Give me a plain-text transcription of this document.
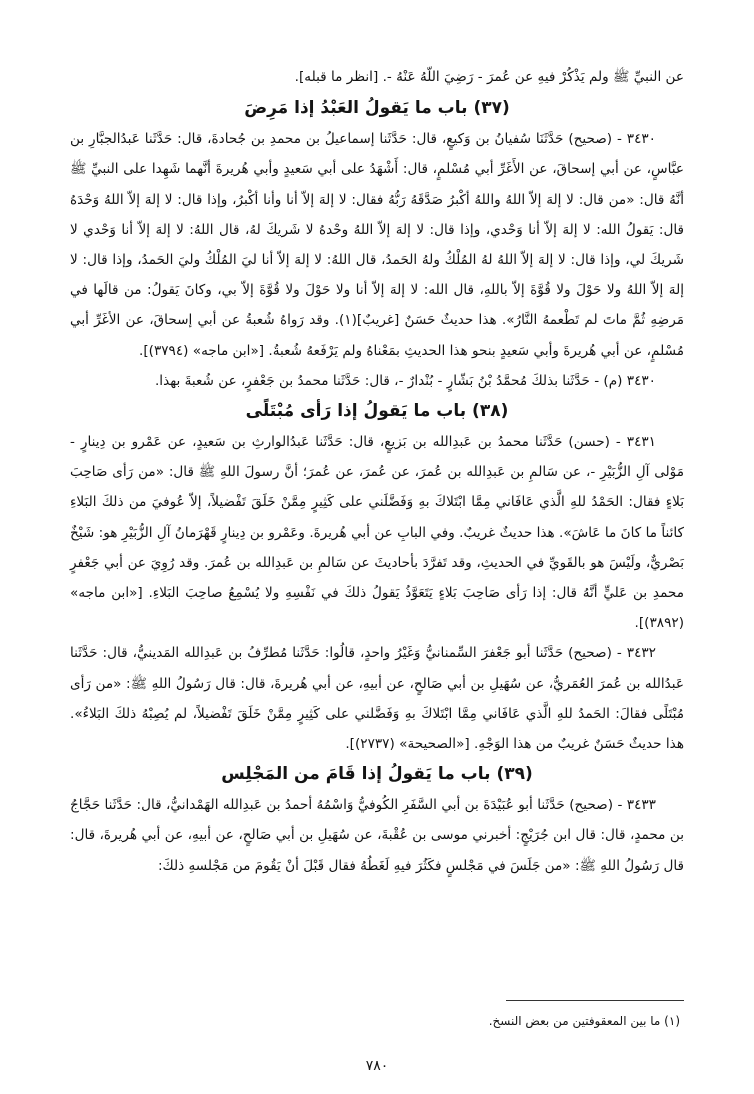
عن النبيِّ ﷺ ولم يَذْكُرْ فيهِ عن عُمرَ - رَضِيَ اللّهُ عَنْهُ -. [انظر ما قبله].

(٣٧) باب ما يَقولُ العَبْدُ إذا مَرِضَ

٣٤٣٠ - (صحيح) حَدَّثَنَا سُفيانُ بن وَكيعٍ، قال: حَدَّثَنا إسماعيلُ بن محمدِ بن جُحادةَ، قال: حَدَّثَنا عَبدُالجبَّارِ بن عبَّاسٍ، عن أبي إسحاقَ، عن الأَغَرِّ أبي مُسْلمٍ، قال: أَشْهَدُ على أبي سَعيدٍ وأبي هُريرةَ أنَّهما شَهِدا على النبيِّ ﷺ أنَّهُ قال: «من قال: لا إلهَ إلاّ اللهُ واللهُ أكْبرُ صَدَّقَهُ رَبُّهُ فقال: لا إلهَ إلاّ أنا وأنا أكْبرُ، وإذا قال: لا إلهَ إلاّ اللهُ وَحْدَهُ قال: يَقولُ الله: لا إلهَ إلاّ أنا وَحْدي، وإذا قال: لا إلهَ إلاّ اللهُ وحْدهُ لا شَريكَ لهُ، قال اللهُ: لا إلهَ إلاّ أنا وَحْدي لا شَريكَ لي، وإذا قال: لا إلهَ إلاّ اللهُ لهُ المُلْكُ ولهُ الحَمدُ، قال اللهُ: لا إلهَ إلاّ أنا ليَ المُلْكُ وليَ الحَمدُ، وإذا قال: لا إلهَ إلاّ اللهُ ولا حَوْلَ ولا قُوَّةَ إلاّ باللهِ، قال الله: لا إلهَ إلاّ أنا ولا حَوْلَ ولا قُوَّةَ إلاّ بي، وكانَ يَقولُ: من قالَها في مَرضِهِ ثُمَّ ماتَ لم تَطْعمهُ النَّارُ». هذا حديثٌ حَسَنٌ [غريبٌ](١). وقد رَواهُ شُعبةُ عن أبي إسحاقَ، عن الأغَرِّ أبي مُسْلمٍ، عن أبي هُريرةَ وأبي سَعيدٍ بنحو هذا الحديثِ بمَعْناهُ ولم يَرْفَعهُ شُعبةُ. [«ابن ماجه» (٣٧٩٤)].

٣٤٣٠ (م) - حَدَّثَنا بذلكَ مُحمَّدُ بْنُ بَشّارٍ - بُنْدارٌ -، قال: حَدَّثَنا محمدُ بن جَعْفرٍ، عن شُعبةَ بهذا.

(٣٨) باب ما يَقولُ إذا رَأى مُبْتَلًى

٣٤٣١ - (حسن) حَدَّثَنا محمدُ بن عَبدِالله بن بَزيعٍ، قال: حَدَّثَنا عَبدُالوارثِ بن سَعيدٍ، عن عَمْرو بن دِينارٍ - مَوْلى آلِ الزُّبَيْرِ -، عن سَالمِ بن عَبدِالله بن عُمرَ، عن عُمرَ، عن عُمرَ؛ أنَّ رسولَ اللهِ ﷺ قال: «من رَأى صَاحِبَ بَلاءٍ فقال: الحَمْدُ للهِ الَّذي عَافَاني مِمَّا ابْتَلاكَ بهِ وَفَضَّلَني على كَثِيرٍ مِمَّنْ خَلَقَ تَفْضيلاً، إلاّ عُوفيَ من ذلكَ البَلاءِ كائناً ما كانَ ما عَاشَ». هذا حديثٌ غريبٌ. وفي البابِ عن أبي هُريرةَ. وعَمْرو بن دِينارٍ قَهْرَمانُ آلِ الزُّبَيْرِ هو: شَيْخٌ بَصْريٌّ، ولَيْسَ هو بالقَويِّ في الحديثِ، وقد تَفرَّدَ بأحاديثَ عن سَالمِ بن عَبدِالله بن عُمرَ. وقد رُوِيَ عن أبي جَعْفرٍ محمدِ بن عَليٍّ أنَّهُ قال: إذا رَأى صَاحِبَ بَلاءٍ يَتَعَوَّذُ يَقولُ ذلكَ في نَفْسِهِ ولا يُسْمِعُ صاحِبَ البَلاءِ. [«ابن ماجه» (٣٨٩٢)].

٣٤٣٢ - (صحيح) حَدَّثَنا أبو جَعْفرَ السِّمنانيُّ وَغَيْرُ واحدٍ، قالُوا: حَدَّثَنا مُطرِّفُ بن عَبدِالله المَدينيُّ، قال: حَدَّثَنا عَبدُالله بن عُمرَ العُمَريُّ، عن سُهَيلِ بن أبي صَالحٍ، عن أبيهِ، عن أبي هُريرةَ، قال: قال رَسُولُ اللهِ ﷺ: «من رَأى مُبْتَلًى فقالَ: الحَمدُ للهِ الَّذي عَافَاني مِمَّا ابْتَلاكَ بهِ وَفَضَّلني على كَثِيرٍ مِمَّنْ خَلَقَ تَفْضيلاً، لم يُصِبْهُ ذلكَ البَلاءُ». هذا حديثٌ حَسَنٌ غريبٌ من هذا الوَجْهِ. [«الصحيحة» (٢٧٣٧)].

(٣٩) باب ما يَقولُ إذا قَامَ من المَجْلِس

٣٤٣٣ - (صحيح) حَدَّثَنا أبو عُبَيْدَةَ بن أبي السَّفَرِ الكُوفيُّ وَاسْمُهُ أحمدُ بن عَبدِالله الهَمْدانيُّ، قال: حَدَّثَنا حَجَّاجُ بن محمدٍ، قال: قال ابن جُرَيْجٍ: أخبرني موسى بن عُقْبةَ، عن سُهَيلِ بن أبي صَالحٍ، عن أبيهِ، عن أبي هُريرةَ، قال: قال رَسُولُ اللهِ ﷺ: «من جَلَسَ في مَجْلسٍ فكَثُرَ فيهِ لَغَطُهُ فقال قَبْلَ أنْ يَقُومَ من مَجْلسهِ ذلكَ:

(١) ما بين المعقوفتين من بعض النسخ.

٧٨٠
